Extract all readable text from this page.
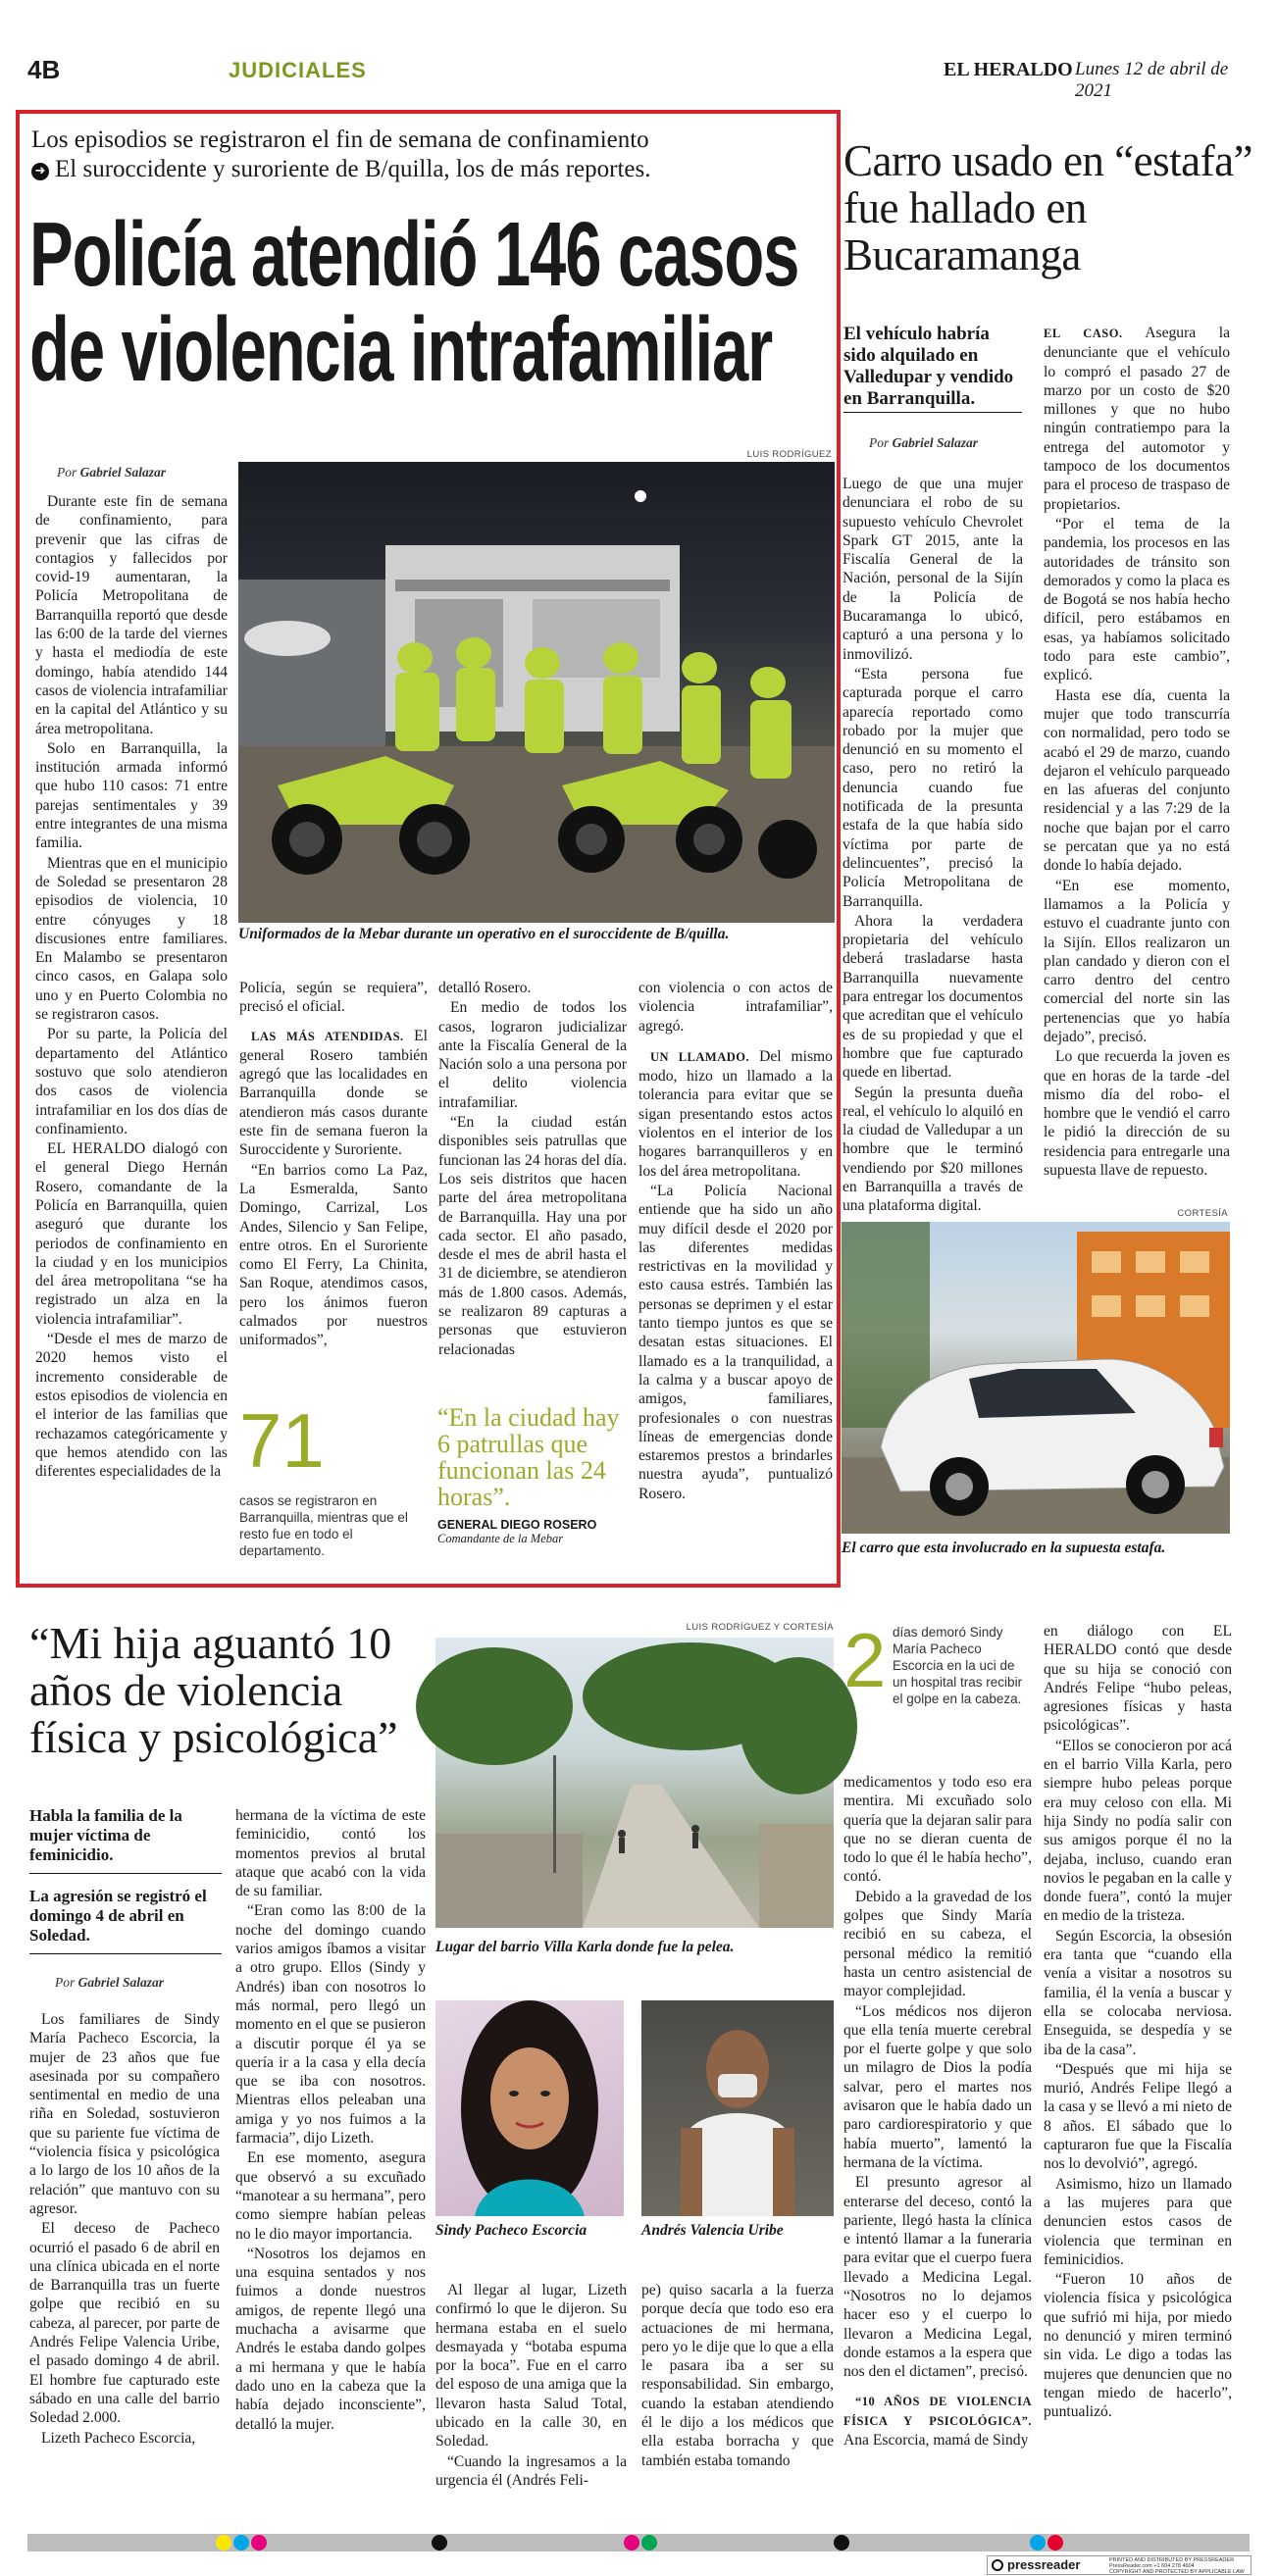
4B	JUDICIALES	EL HERALDO Lunes 12 de abril de 2021
Los episodios se registraron el fin de semana de confinamiento
➜ El suroccidente y suroriente de B/quilla, los de más reportes.
Policía atendió 146 casos
de violencia intrafamiliar
Por Gabriel Salazar
LUIS RODRÍGUEZ
Uniformados de la Mebar durante un operativo en el suroccidente de B/quilla.

Durante este fin de semana de confinamiento, para prevenir que las cifras de contagios y fallecidos por covid-19 aumentaran, la Policía Metropolitana de Barranquilla reportó que desde las 6:00 de la tarde del viernes y hasta el mediodía de este domingo, había atendido 144 casos de violencia intrafamiliar en la capital del Atlántico y su área metropolitana.

Solo en Barranquilla, la institución armada informó que hubo 110 casos: 71 entre parejas sentimentales y 39 entre integrantes de una misma familia.

Mientras que en el municipio de Soledad se presentaron 28 episodios de violencia, 10 entre cónyuges y 18 discusiones entre familiares. En Malambo se presentaron cinco casos, en Galapa solo uno y en Puerto Colombia no se registraron casos.

Por su parte, la Policía del departamento del Atlántico sostuvo que solo atendieron dos casos de violencia intrafamiliar en los dos días de confinamiento.

EL HERALDO dialogó con el general Diego Hernán Rosero, comandante de la Policía en Barranquilla, quien aseguró que durante los periodos de confinamiento en la ciudad y en los municipios del área metropolitana “se ha registrado un alza en la violencia intrafamiliar”.

“Desde el mes de marzo de 2020 hemos visto el incremento considerable de estos episodios de violencia en el interior de las familias que rechazamos categóricamente y que hemos atendido con las diferentes especialidades de la

Policía, según se requiera”, precisó el oficial.

LAS MÁS ATENDIDAS. El general Rosero también agregó que las localidades en Barranquilla donde se atendieron más casos durante este fin de semana fueron la Suroccidente y Suroriente.

“En barrios como La Paz, La Esmeralda, Santo Domingo, Carrizal, Los Andes, Silencio y San Felipe, entre otros. En el Suroriente como El Ferry, La Chinita, San Roque, atendimos casos, pero los ánimos fueron calmados por nuestros uniformados”,

detalló Rosero.

En medio de todos los casos, lograron judicializar ante la Fiscalía General de la Nación solo a una persona por el delito violencia intrafamiliar.

“En la ciudad están disponibles seis patrullas que funcionan las 24 horas del día. Los seis distritos que hacen parte del área metropolitana de Barranquilla. Hay una por cada sector. El año pasado, desde el mes de abril hasta el 31 de diciembre, se atendieron más de 1.800 casos. Además, se realizaron 89 capturas a personas que estuvieron relacionadas

con violencia o con actos de violencia intrafamiliar”, agregó.

UN LLAMADO. Del mismo modo, hizo un llamado a la tolerancia para evitar que se sigan presentando estos actos violentos en el interior de los hogares barranquilleros y en los del área metropolitana.

“La Policía Nacional entiende que ha sido un año muy difícil desde el 2020 por las diferentes medidas restrictivas en la movilidad y esto causa estrés. También las personas se deprimen y el estar tanto tiempo juntos es que se desatan estas situaciones. El llamado es a la tranquilidad, a la calma y a buscar apoyo de amigos, familiares, profesionales o con nuestras líneas de emergencias donde estaremos prestos a brindarles nuestra ayuda”, puntualizó Rosero.

71
casos se registraron en Barranquilla, mientras que el resto fue en todo el departamento.
“En la ciudad hay 6 patrullas que funcionan las 24 horas”.
GENERAL DIEGO ROSERO
Comandante de la Mebar
Carro usado en “estafa” fue hallado en Bucaramanga
El vehículo habría sido alquilado en Valledupar y vendido en Barranquilla.
Por Gabriel Salazar

Luego de que una mujer denunciara el robo de su supuesto vehículo Chevrolet Spark GT 2015, ante la Fiscalía General de la Nación, personal de la Sijín de la Policía de Bucaramanga lo ubicó, capturó a una persona y lo inmovilizó.

“Esta persona fue capturada porque el carro aparecía reportado como robado por la mujer que denunció en su momento el caso, pero no retiró la denuncia cuando fue notificada de la presunta estafa de la que había sido víctima por parte de delincuentes”, precisó la Policía Metropolitana de Barranquilla.

Ahora la verdadera propietaria del vehículo deberá trasladarse hasta Barranquilla nuevamente para entregar los documentos que acreditan que el vehículo es de su propiedad y que el hombre que fue capturado quede en libertad.

Según la presunta dueña real, el vehículo lo alquiló en la ciudad de Valledupar a un hombre que le terminó vendiendo por $20 millones en Barranquilla a través de una plataforma digital.

EL CASO. Asegura la denunciante que el vehículo lo compró el pasado 27 de marzo por un costo de $20 millones y que no hubo ningún contratiempo para la entrega del automotor y tampoco de los documentos para el proceso de traspaso de propietarios.

“Por el tema de la pandemia, los procesos en las autoridades de tránsito son demorados y como la placa es de Bogotá se nos había hecho difícil, pero estábamos en esas, ya habíamos solicitado todo para este cambio”, explicó.

Hasta ese día, cuenta la mujer que todo transcurría con normalidad, pero todo se acabó el 29 de marzo, cuando dejaron el vehículo parqueado en las afueras del conjunto residencial y a las 7:29 de la noche que bajan por el carro se percatan que ya no está donde lo había dejado.

“En ese momento, llamamos a la Policía y estuvo el cuadrante junto con la Sijín. Ellos realizaron un plan candado y dieron con el carro dentro del centro comercial del norte sin las pertenencias que yo había dejado”, precisó.

Lo que recuerda la joven es que en horas de la tarde -del mismo día del robo- el hombre que le vendió el carro le pidió la dirección de su residencia para entregarle una supuesta llave de repuesto.

CORTESÍA
El carro que esta involucrado en la supuesta estafa.
“Mi hija aguantó 10 años de violencia física y psicológica”
Habla la familia de la mujer víctima de feminicidio.
La agresión se registró el domingo 4 de abril en Soledad.
Por Gabriel Salazar

Los familiares de Sindy María Pacheco Escorcia, la mujer de 23 años que fue asesinada por su compañero sentimental en medio de una riña en Soledad, sostuvieron que su pariente fue víctima de “violencia física y psicológica a lo largo de los 10 años de la relación” que mantuvo con su agresor.

El deceso de Pacheco ocurrió el pasado 6 de abril en una clínica ubicada en el norte de Barranquilla tras un fuerte golpe que recibió en su cabeza, al parecer, por parte de Andrés Felipe Valencia Uribe, el pasado domingo 4 de abril. El hombre fue capturado este sábado en una calle del barrio Soledad 2.000.

Lizeth Pacheco Escorcia,

hermana de la víctima de este feminicidio, contó los momentos previos al brutal ataque que acabó con la vida de su familiar.

“Eran como las 8:00 de la noche del domingo cuando varios amigos íbamos a visitar a otro grupo. Ellos (Sindy y Andrés) iban con nosotros lo más normal, pero llegó un momento en el que se pusieron a discutir porque él ya se quería ir a la casa y ella decía que se iba con nosotros. Mientras ellos peleaban una amiga y yo nos fuimos a la farmacia”, dijo Lizeth.

En ese momento, asegura que observó a su excuñado “manotear a su hermana”, pero como siempre habían peleas no le dio mayor importancia.

“Nosotros los dejamos en una esquina sentados y nos fuimos a donde nuestros amigos, de repente llegó una muchacha a avisarme que Andrés le estaba dando golpes a mi hermana y que le había dado uno en la cabeza que la había dejado inconsciente”, detalló la mujer.

LUIS RODRÍGUEZ Y CORTESÍA
Lugar del barrio Villa Karla donde fue la pelea.
Sindy Pacheco Escorcia	Andrés Valencia Uribe

Al llegar al lugar, Lizeth confirmó lo que le dijeron. Su hermana estaba en el suelo desmayada y “botaba espuma por la boca”. Fue en el carro del esposo de una amiga que la llevaron hasta Salud Total, ubicado en la calle 30, en Soledad.

“Cuando la ingresamos a la urgencia él (Andrés Feli-

pe) quiso sacarla a la fuerza porque decía que todo eso era actuaciones de mi hermana, pero yo le dije que lo que a ella le pasara iba a ser su responsabilidad. Sin embargo, cuando la estaban atendiendo él le dijo a los médicos que ella estaba borracha y que también estaba tomando

2 días demoró Sindy María Pacheco Escorcia en la uci de un hospital tras recibir el golpe en la cabeza.

medicamentos y todo eso era mentira. Mi excuñado solo quería que la dejaran salir para que no se dieran cuenta de todo lo que él le había hecho”, contó.

Debido a la gravedad de los golpes que Sindy María recibió en su cabeza, el personal médico la remitió hasta un centro asistencial de mayor complejidad.

“Los médicos nos dijeron que ella tenía muerte cerebral por el fuerte golpe y que solo un milagro de Dios la podía salvar, pero el martes nos avisaron que le había dado un paro cardiorespiratorio y que había muerto”, lamentó la hermana de la víctima.

El presunto agresor al enterarse del deceso, contó la pariente, llegó hasta la clínica e intentó llamar a la funeraria para evitar que el cuerpo fuera llevado a Medicina Legal. “Nosotros no lo dejamos hacer eso y el cuerpo lo llevaron a Medicina Legal, donde estamos a la espera que nos den el dictamen”, precisó.

“10 AÑOS DE VIOLENCIA FÍSICA Y PSICOLÓGICA”. Ana Escorcia, mamá de Sindy

en diálogo con EL HERALDO contó que desde que su hija se conoció con Andrés Felipe “hubo peleas, agresiones físicas y hasta psicológicas”.

“Ellos se conocieron por acá en el barrio Villa Karla, pero siempre hubo peleas porque era muy celoso con ella. Mi hija Sindy no podía salir con sus amigos porque él no la dejaba, incluso, cuando eran novios le pegaban en la calle y donde fuera”, contó la mujer en medio de la tristeza.

Según Escorcia, la obsesión era tanta que “cuando ella venía a visitar a nosotros su familia, él la venía a buscar y ella se colocaba nerviosa. Enseguida, se despedía y se iba de la casa”.

“Después que mi hija se murió, Andrés Felipe llegó a la casa y se llevó a mi nieto de 8 años. El sábado que lo capturaron fue que la Fiscalía nos lo devolvió”, agregó.

Asimismo, hizo un llamado a las mujeres para que denuncien estos casos de violencia que terminan en feminicidios.

“Fueron 10 años de violencia física y psicológica que sufrió mi hija, por miedo no denunció y miren terminó sin vida. Le digo a todas las mujeres que denuncien que no tengan miedo de hacerlo”, puntualizó.

pressreader	PRINTED AND DISTRIBUTED BY PRESSREADER
PressReader.com +1 604 278 4604
COPYRIGHT AND PROTECTED BY APPLICABLE LAW
